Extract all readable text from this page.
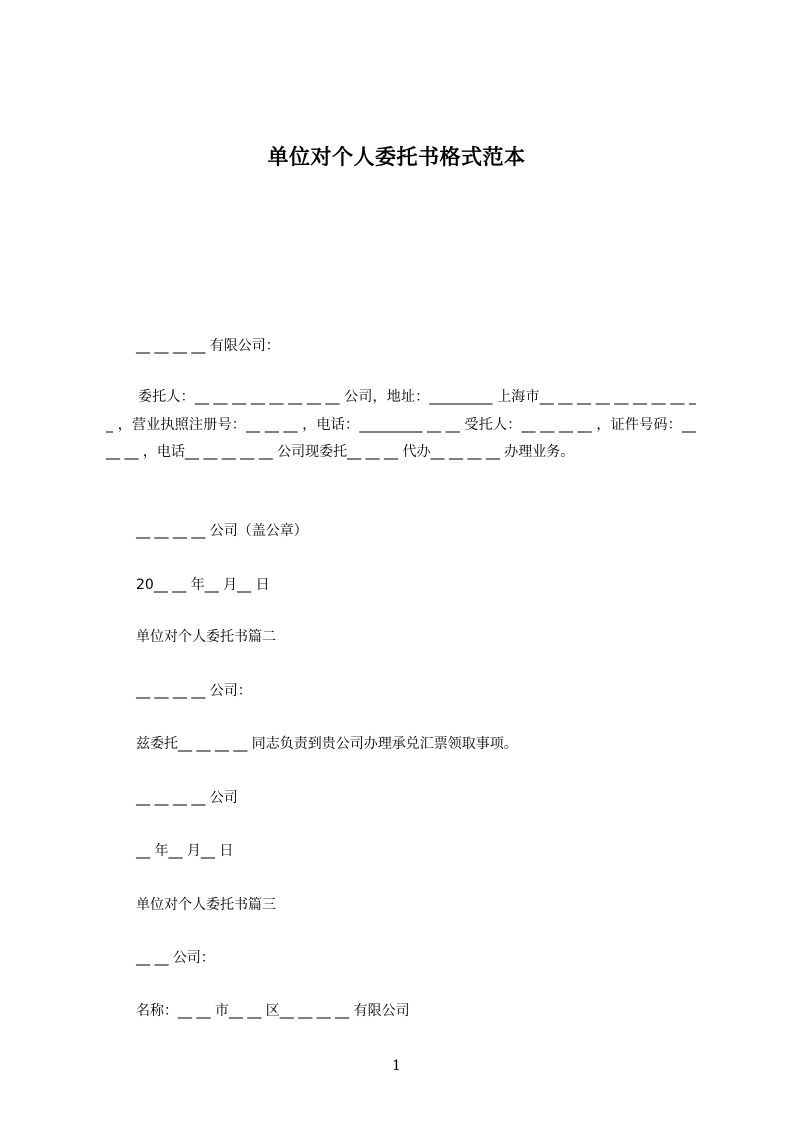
单位对个人委托书格式范本
__ __ __ __ 有限公司：
委托人：__ __ __ __ __ __ __ __ 公司，地址：_________ 上海市__ __ __ __ __ __ __ __ __ ，营业执照注册号：__ __ __ ，电话：_________ __ __ 受托人：__ __ __ __ ，证件号码：__ __ __ ，电话__ __ __ __ __ 公司现委托__ __ __ 代办__ __ __ __ 办理业务。
__ __ __ __ 公司（盖公章）
20__ __ 年__ 月__ 日
单位对个人委托书篇二
__ __ __ __ 公司：
兹委托__ __ __ __ 同志负责到贵公司办理承兑汇票领取事项。
__ __ __ __ 公司
__ 年__ 月__ 日
单位对个人委托书篇三
__ __ 公司：
名称：__ __ 市__ __ 区__ __ __ __ 有限公司
1
